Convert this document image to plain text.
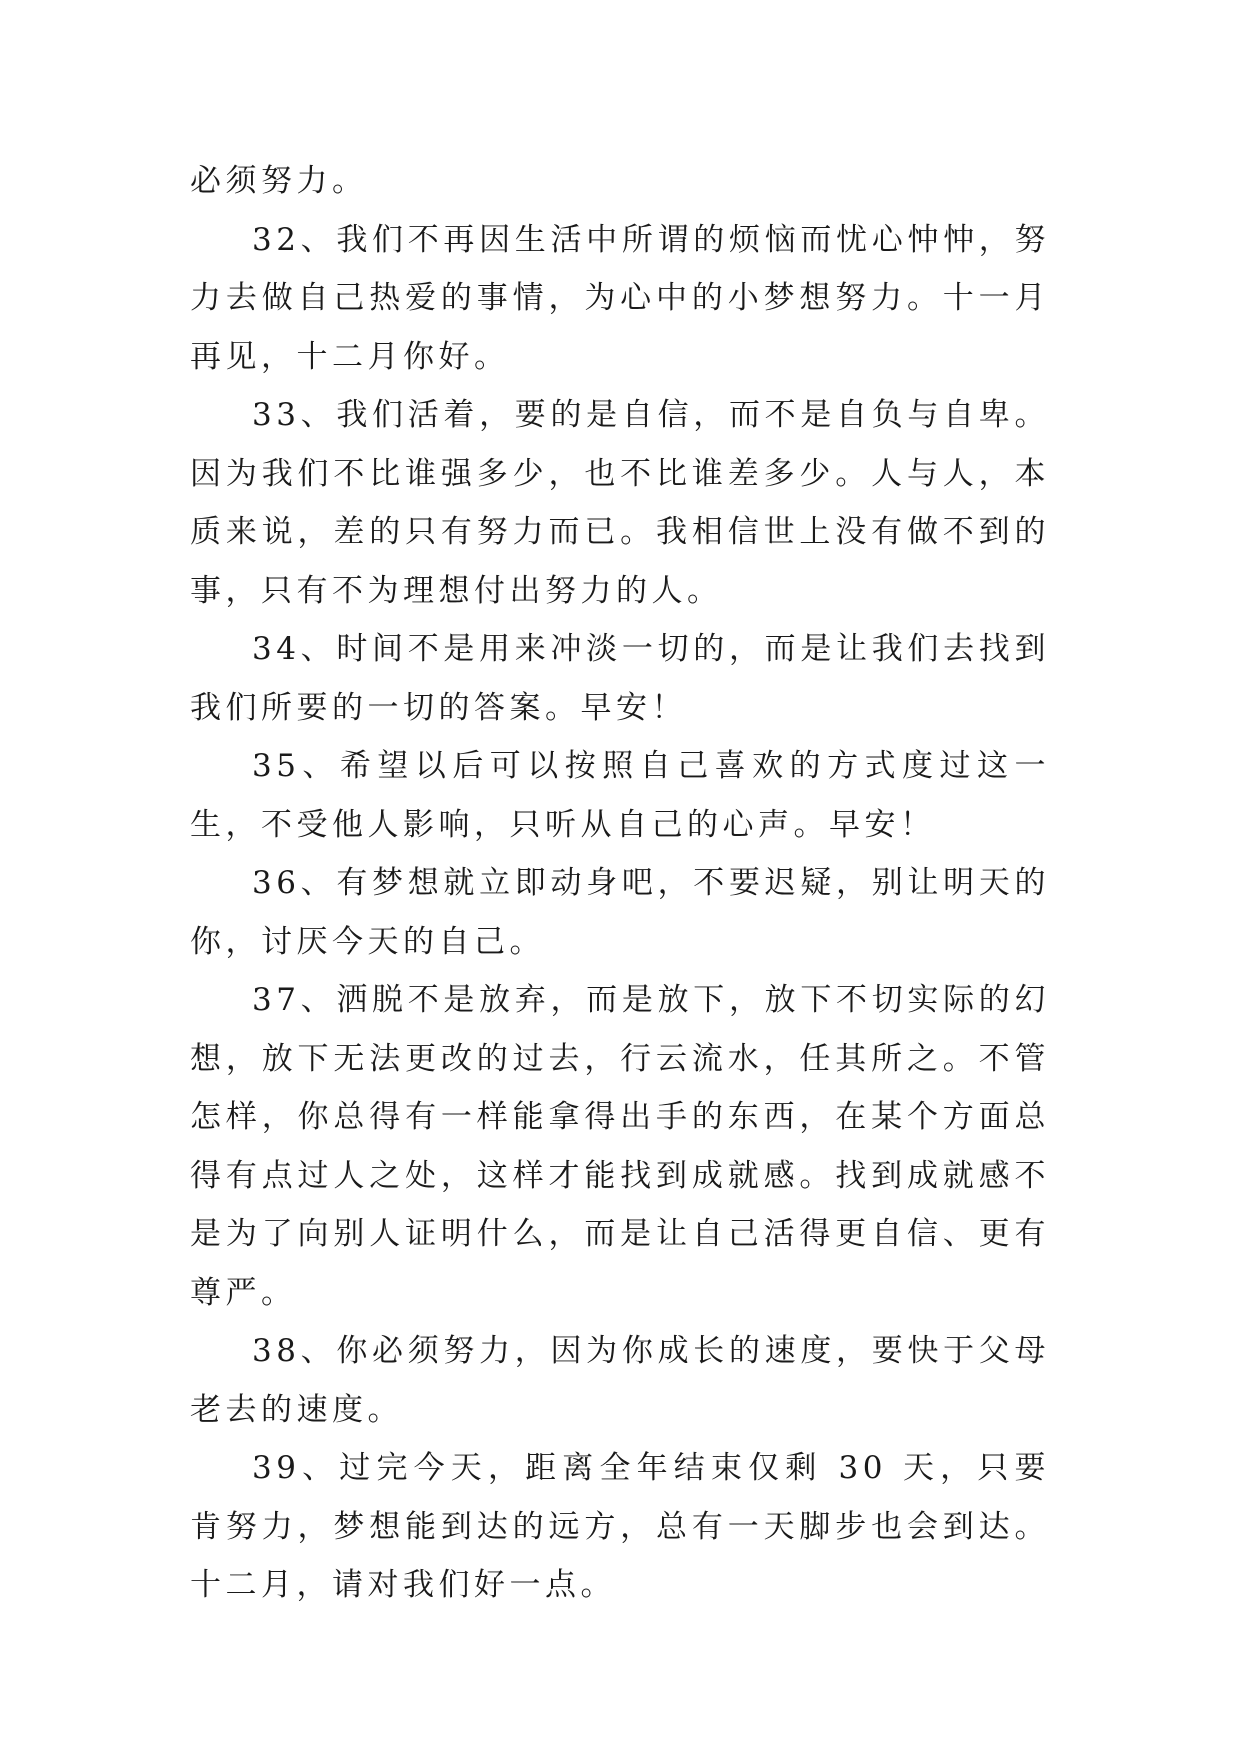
必须努力。

32、我们不再因生活中所谓的烦恼而忧心忡忡，努力去做自己热爱的事情，为心中的小梦想努力。十一月再见，十二月你好。

33、我们活着，要的是自信，而不是自负与自卑。因为我们不比谁强多少，也不比谁差多少。人与人，本质来说，差的只有努力而已。我相信世上没有做不到的事，只有不为理想付出努力的人。

34、时间不是用来冲淡一切的，而是让我们去找到我们所要的一切的答案。早安！

35、希望以后可以按照自己喜欢的方式度过这一生，不受他人影响，只听从自己的心声。早安！

36、有梦想就立即动身吧，不要迟疑，别让明天的你，讨厌今天的自己。

37、洒脱不是放弃，而是放下，放下不切实际的幻想，放下无法更改的过去，行云流水，任其所之。不管怎样，你总得有一样能拿得出手的东西，在某个方面总得有点过人之处，这样才能找到成就感。找到成就感不是为了向别人证明什么，而是让自己活得更自信、更有尊严。

38、你必须努力，因为你成长的速度，要快于父母老去的速度。

39、过完今天，距离全年结束仅剩 30 天，只要肯努力，梦想能到达的远方，总有一天脚步也会到达。十二月，请对我们好一点。
